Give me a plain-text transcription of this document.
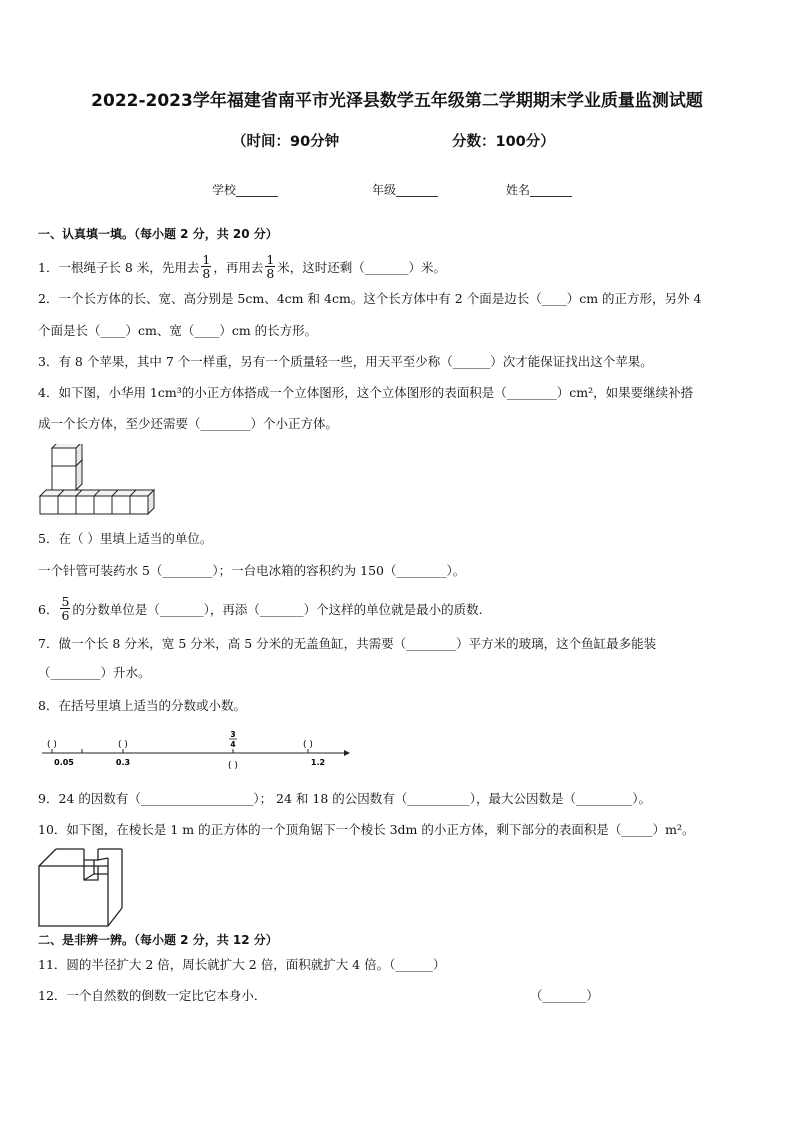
2022-2023学年福建省南平市光泽县数学五年级第二学期期末学业质量监测试题
（时间：90分钟	分数：100分）
学校_______	年级_______	姓名_______
一、认真填一填。（每小题 2 分，共 20 分）
1．一根绳子长 8 米，先用去 $\frac{1}{8}$ ，再用去 $\frac{1}{8}$ 米，这时还剩（_______）米。
2．一个长方体的长、宽、高分别是 5cm、4cm 和 4cm。这个长方体中有 2 个面是边长（____）cm 的正方形，另外 4
个面是长（____）cm、宽（____）cm 的长方形。
3．有 8 个苹果，其中 7 个一样重，另有一个质量轻一些，用天平至少称（______）次才能保证找出这个苹果。
4．如下图，小华用 1cm³的小正方体搭成一个立体图形，这个立体图形的表面积是（________）cm²，如果要继续补搭
成一个长方体，至少还需要（________）个小正方体。
5．在（ ）里填上适当的单位。
一个针管可装药水 5（________）；一台电冰箱的容积约为 150（________）。
6． $\frac{5}{6}$ 的分数单位是（_______），再添（_______）个这样的单位就是最小的质数.
7．做一个长 8 分米，宽 5 分米，高 5 分米的无盖鱼缸，共需要（________）平方米的玻璃，这个鱼缸最多能装
（________）升水。
8．在括号里填上适当的分数或小数。
( )	( )	( )
3
4
0.05	0.3	( )	1.2
9．24 的因数有（__________________）； 24 和 18 的公因数有（__________），最大公因数是（_________）。
10．如下图，在棱长是 1 m 的正方体的一个顶角锯下一个棱长 3dm 的小正方体，剩下部分的表面积是（_____）m²。
二、是非辨一辨。（每小题 2 分，共 12 分）
11．圆的半径扩大 2 倍，周长就扩大 2 倍，面积就扩大 4 倍。（______）
12．一个自然数的倒数一定比它本身小．	（_______）
